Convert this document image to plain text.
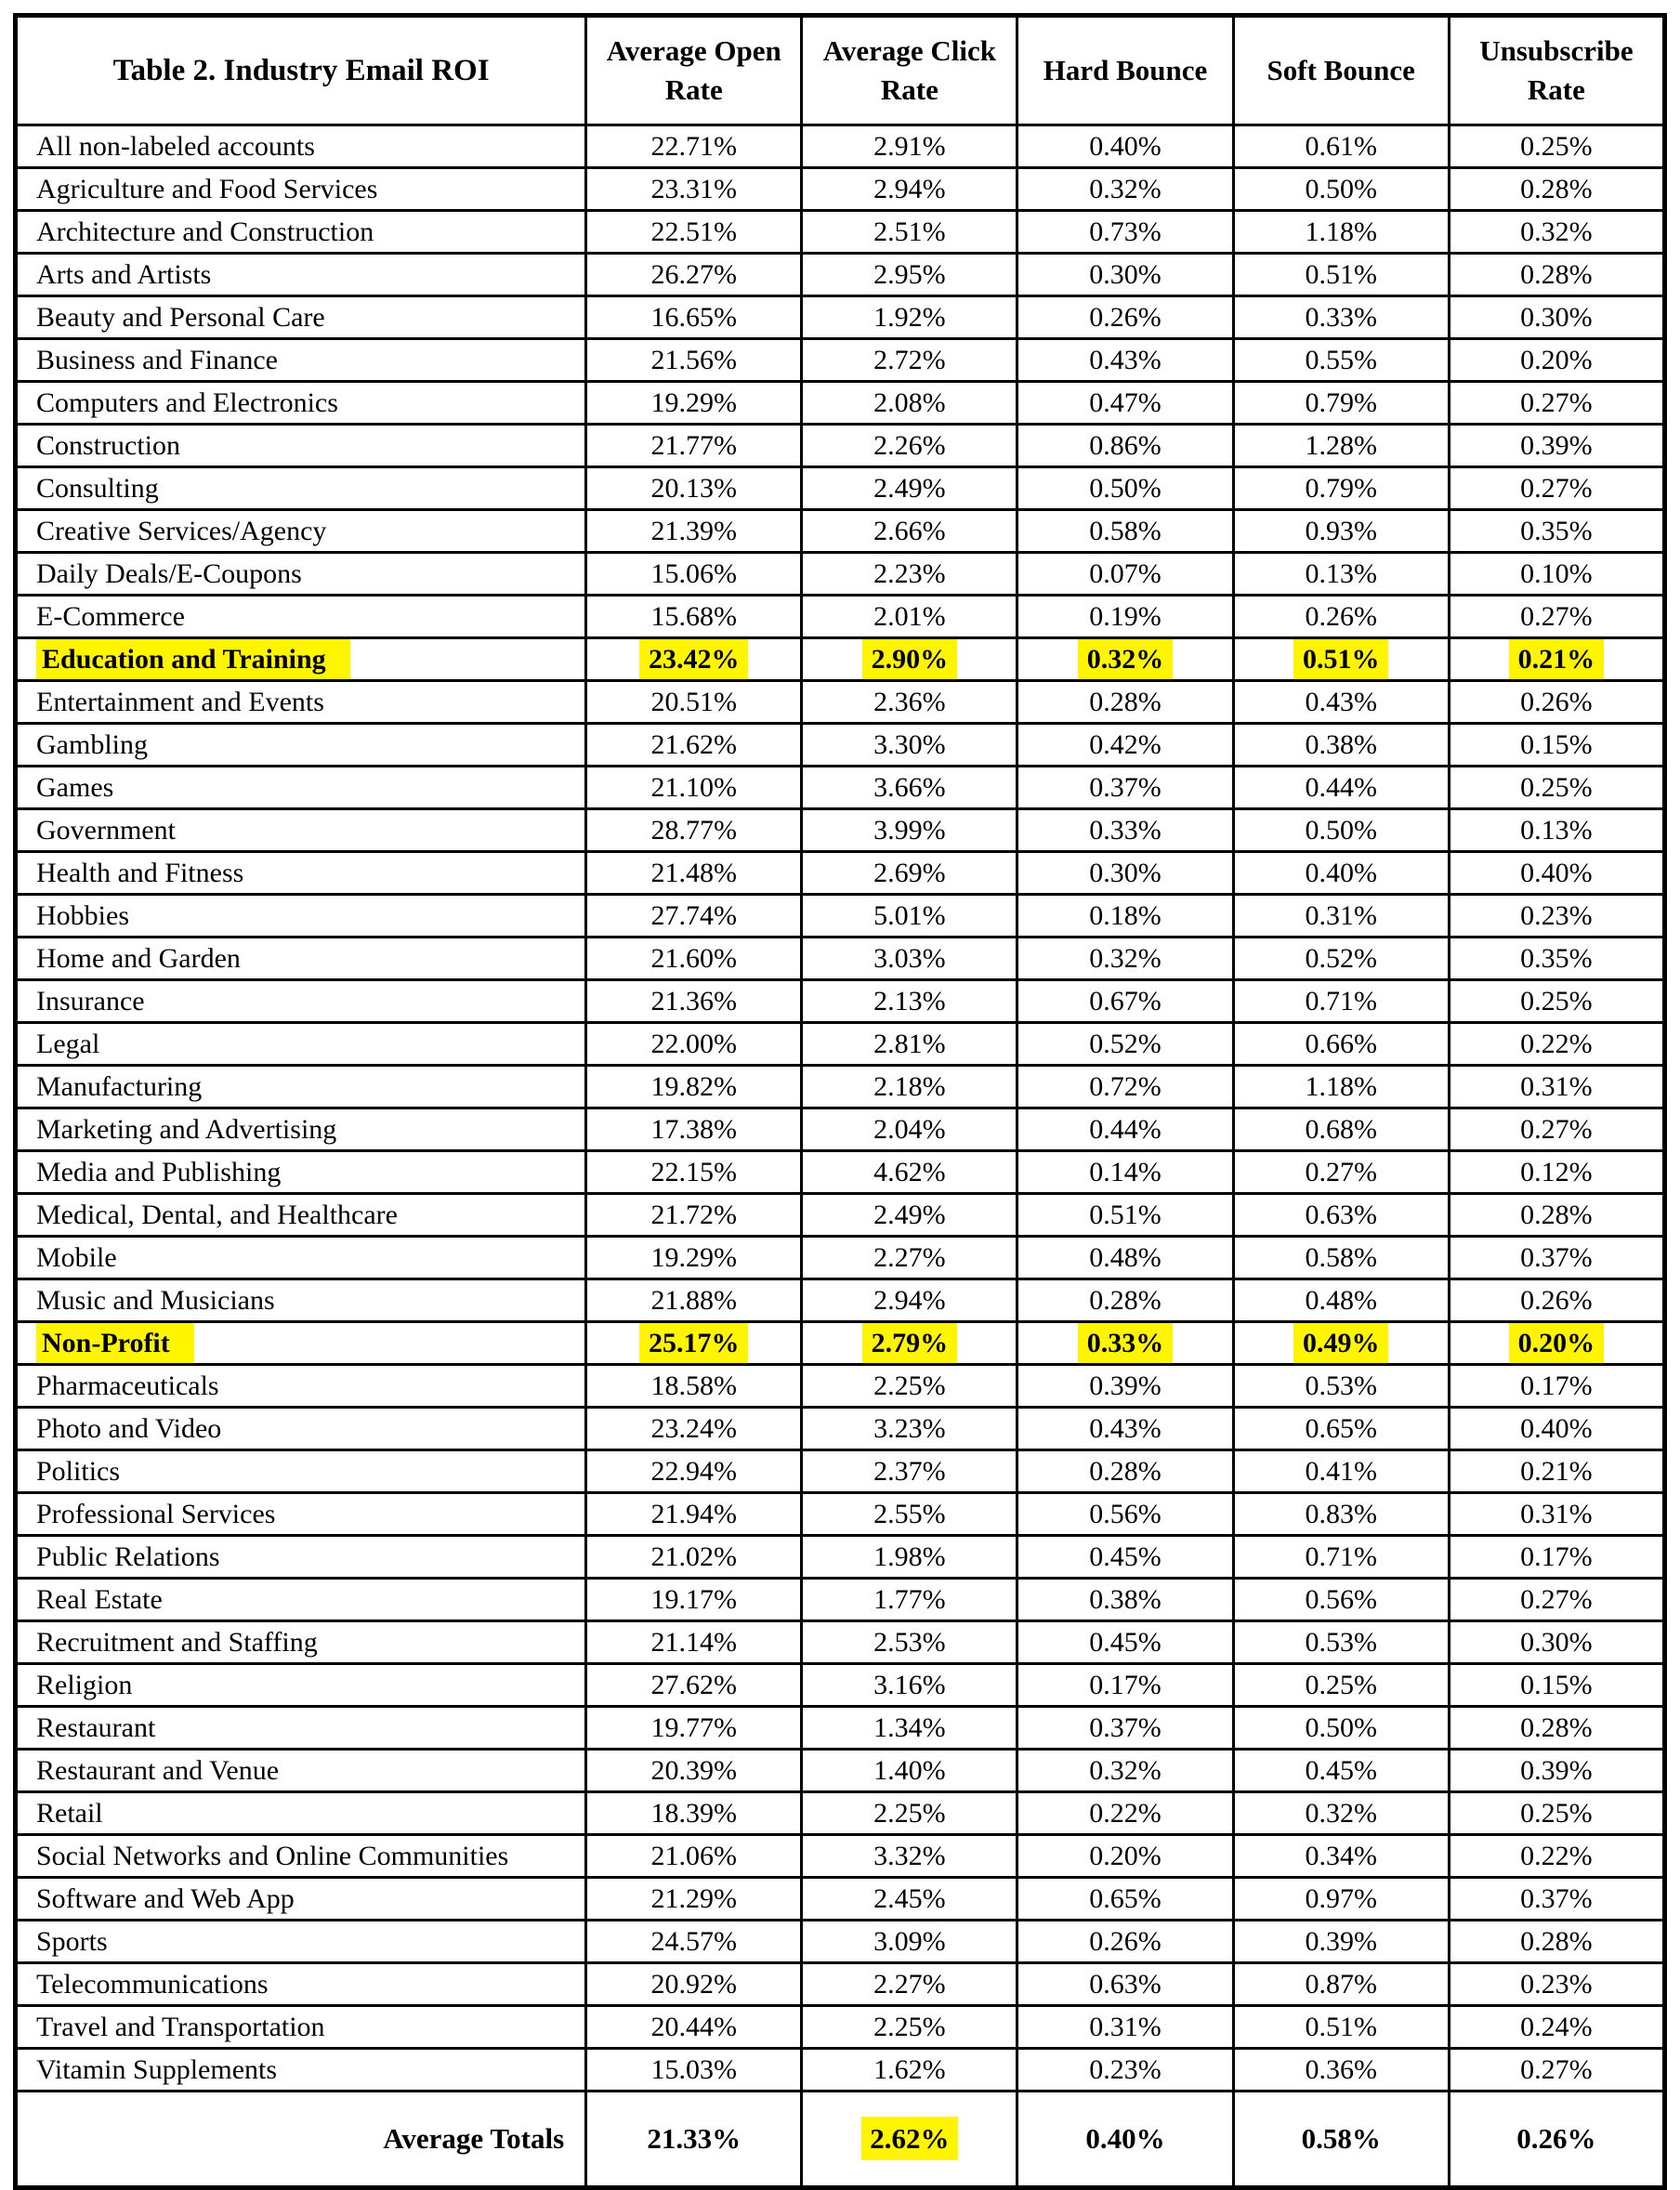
Table 2. Industry Email ROI	Average Open Rate	Average Click Rate	Hard Bounce	Soft Bounce	Unsubscribe Rate
All non-labeled accounts	22.71%	2.91%	0.40%	0.61%	0.25%
Agriculture and Food Services	23.31%	2.94%	0.32%	0.50%	0.28%
Architecture and Construction	22.51%	2.51%	0.73%	1.18%	0.32%
Arts and Artists	26.27%	2.95%	0.30%	0.51%	0.28%
Beauty and Personal Care	16.65%	1.92%	0.26%	0.33%	0.30%
Business and Finance	21.56%	2.72%	0.43%	0.55%	0.20%
Computers and Electronics	19.29%	2.08%	0.47%	0.79%	0.27%
Construction	21.77%	2.26%	0.86%	1.28%	0.39%
Consulting	20.13%	2.49%	0.50%	0.79%	0.27%
Creative Services/Agency	21.39%	2.66%	0.58%	0.93%	0.35%
Daily Deals/E-Coupons	15.06%	2.23%	0.07%	0.13%	0.10%
E-Commerce	15.68%	2.01%	0.19%	0.26%	0.27%
Education and Training	23.42%	2.90%	0.32%	0.51%	0.21%
Entertainment and Events	20.51%	2.36%	0.28%	0.43%	0.26%
Gambling	21.62%	3.30%	0.42%	0.38%	0.15%
Games	21.10%	3.66%	0.37%	0.44%	0.25%
Government	28.77%	3.99%	0.33%	0.50%	0.13%
Health and Fitness	21.48%	2.69%	0.30%	0.40%	0.40%
Hobbies	27.74%	5.01%	0.18%	0.31%	0.23%
Home and Garden	21.60%	3.03%	0.32%	0.52%	0.35%
Insurance	21.36%	2.13%	0.67%	0.71%	0.25%
Legal	22.00%	2.81%	0.52%	0.66%	0.22%
Manufacturing	19.82%	2.18%	0.72%	1.18%	0.31%
Marketing and Advertising	17.38%	2.04%	0.44%	0.68%	0.27%
Media and Publishing	22.15%	4.62%	0.14%	0.27%	0.12%
Medical, Dental, and Healthcare	21.72%	2.49%	0.51%	0.63%	0.28%
Mobile	19.29%	2.27%	0.48%	0.58%	0.37%
Music and Musicians	21.88%	2.94%	0.28%	0.48%	0.26%
Non-Profit	25.17%	2.79%	0.33%	0.49%	0.20%
Pharmaceuticals	18.58%	2.25%	0.39%	0.53%	0.17%
Photo and Video	23.24%	3.23%	0.43%	0.65%	0.40%
Politics	22.94%	2.37%	0.28%	0.41%	0.21%
Professional Services	21.94%	2.55%	0.56%	0.83%	0.31%
Public Relations	21.02%	1.98%	0.45%	0.71%	0.17%
Real Estate	19.17%	1.77%	0.38%	0.56%	0.27%
Recruitment and Staffing	21.14%	2.53%	0.45%	0.53%	0.30%
Religion	27.62%	3.16%	0.17%	0.25%	0.15%
Restaurant	19.77%	1.34%	0.37%	0.50%	0.28%
Restaurant and Venue	20.39%	1.40%	0.32%	0.45%	0.39%
Retail	18.39%	2.25%	0.22%	0.32%	0.25%
Social Networks and Online Communities	21.06%	3.32%	0.20%	0.34%	0.22%
Software and Web App	21.29%	2.45%	0.65%	0.97%	0.37%
Sports	24.57%	3.09%	0.26%	0.39%	0.28%
Telecommunications	20.92%	2.27%	0.63%	0.87%	0.23%
Travel and Transportation	20.44%	2.25%	0.31%	0.51%	0.24%
Vitamin Supplements	15.03%	1.62%	0.23%	0.36%	0.27%
Average Totals	21.33%	2.62%	0.40%	0.58%	0.26%
